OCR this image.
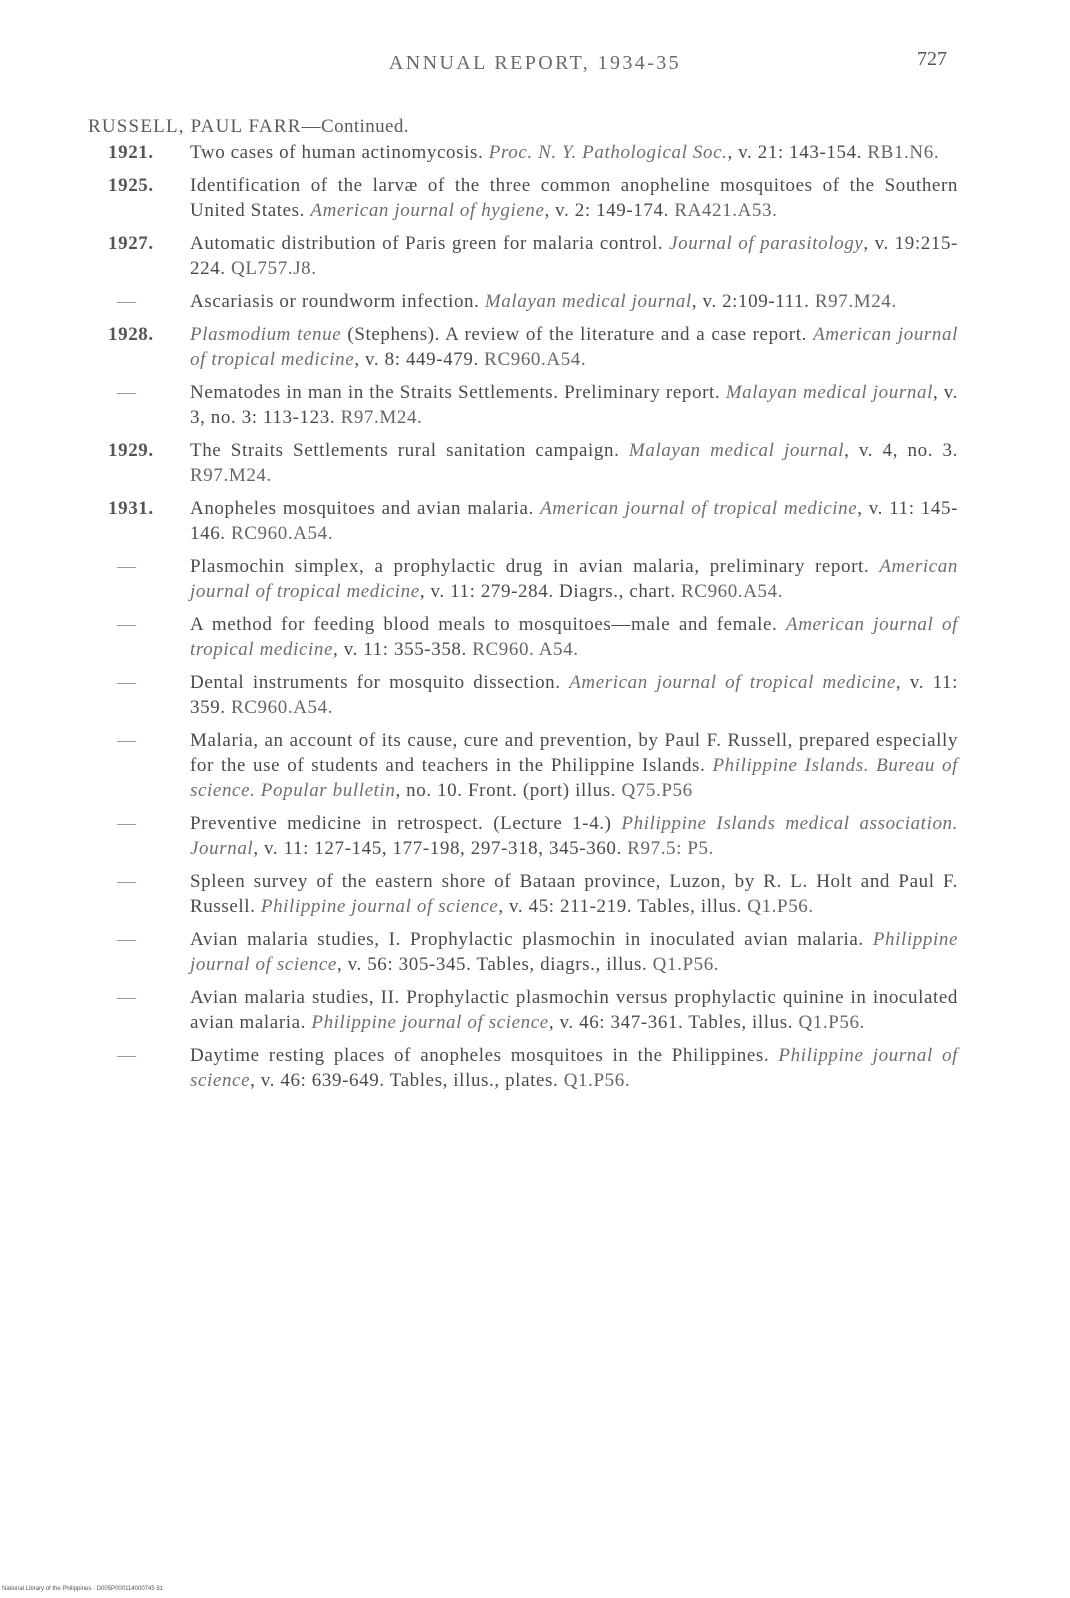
ANNUAL REPORT, 1934-35	727
RUSSELL, PAUL FARR—Continued.
1921. Two cases of human actinomycosis. Proc. N. Y. Pathological Soc., v. 21: 143-154. RB1.N6.
1925. Identification of the larvæ of the three common anopheline mosquitoes of the Southern United States. American journal of hygiene, v. 2: 149-174. RA421.A53.
1927. Automatic distribution of Paris green for malaria control. Journal of parasitology, v. 19:215-224. QL757.J8.
—	Ascariasis or roundworm infection. Malayan medical journal, v. 2:109-111. R97.M24.
1928. Plasmodium tenue (Stephens). A review of the literature and a case report. American journal of tropical medicine, v. 8: 449-479. RC960.A54.
—	Nematodes in man in the Straits Settlements. Preliminary report. Malayan medical journal, v. 3, no. 3: 113-123. R97.M24.
1929. The Straits Settlements rural sanitation campaign. Malayan medical journal, v. 4, no. 3. R97.M24.
1931. Anopheles mosquitoes and avian malaria. American journal of tropical medicine, v. 11: 145-146. RC960.A54.
—	Plasmochin simplex, a prophylactic drug in avian malaria, preliminary report. American journal of tropical medicine, v. 11: 279-284. Diagrs., chart. RC960.A54.
—	A method for feeding blood meals to mosquitoes—male and female. American journal of tropical medicine, v. 11: 355-358. RC960. A54.
—	Dental instruments for mosquito dissection. American journal of tropical medicine, v. 11: 359. RC960.A54.
—	Malaria, an account of its cause, cure and prevention, by Paul F. Russell, prepared especially for the use of students and teachers in the Philippine Islands. Philippine Islands. Bureau of science. Popular bulletin, no. 10. Front. (port) illus. Q75.P56
—	Preventive medicine in retrospect. (Lecture 1-4.) Philippine Islands medical association. Journal, v. 11: 127-145, 177-198, 297-318, 345-360. R97.5: P5.
—	Spleen survey of the eastern shore of Bataan province, Luzon, by R. L. Holt and Paul F. Russell. Philippine journal of science, v. 45: 211-219. Tables, illus. Q1.P56.
—	Avian malaria studies, I. Prophylactic plasmochin in inoculated avian malaria. Philippine journal of science, v. 56: 305-345. Tables, diagrs., illus. Q1.P56.
—	Avian malaria studies, II. Prophylactic plasmochin versus prophylactic quinine in inoculated avian malaria. Philippine journal of science, v. 46: 347-361. Tables, illus. Q1.P56.
—	Daytime resting places of anopheles mosquitoes in the Philippines. Philippine journal of science, v. 46: 639-649. Tables, illus., plates. Q1.P56.
National Library of the Philippines · D005P000114000745 81
